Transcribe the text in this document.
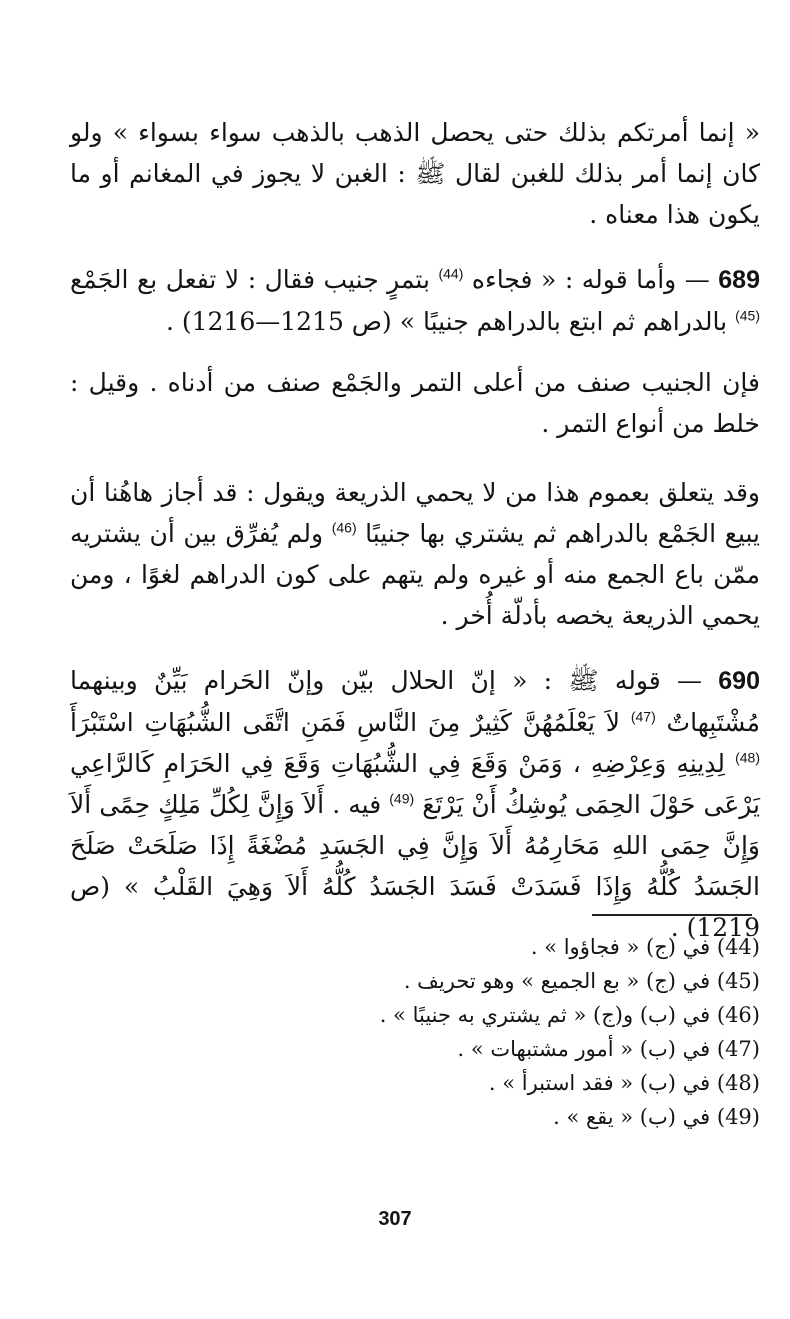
« إنما أمرتكم بذلك حتى يحصل الذهب بالذهب سواء بسواء » ولو كان إنما أمر بذلك للغبن لقال ﷺ : الغبن لا يجوز في المغانم أو ما يكون هذا معناه .

689 — وأما قوله : « فجاءه $^{(44)}$ بتمرٍ جنيب فقال : لا تفعل بع الجَمْع $^{(45)}$ بالدراهم ثم ابتع بالدراهم جنيبًا » (ص 1215—1216) .

فإن الجنيب صنف من أعلى التمر والجَمْع صنف من أدناه . وقيل : خلط من أنواع التمر .

وقد يتعلق بعموم هذا من لا يحمي الذريعة ويقول : قد أجاز هاهُنا أن يبيع الجَمْع بالدراهم ثم يشتري بها جنيبًا $^{(46)}$ ولم يُفرِّق بين أن يشتريه ممّن باع الجمع منه أو غيره ولم يتهم على كون الدراهم لغوًا ، ومن يحمي الذريعة يخصه بأدلّة أُخر .

690 — قوله ﷺ : « إنّ الحلال بيّن وإنّ الحَرام بَيِّنٌ وبينهما مُشْتَبِهاتٌ $^{(47)}$ لاَ يَعْلَمُهُنَّ كَثِيرٌ مِنَ النَّاسِ فَمَنِ اتَّقَى الشُّبُهَاتِ اسْتَبْرَأَ $^{(48)}$ لِدِينِهِ وَعِرْضِهِ ، وَمَنْ وَقَعَ فِي الشُّبُهَاتِ وَقَعَ فِي الحَرَامِ كَالرَّاعِي يَرْعَى حَوْلَ الحِمَى يُوشِكُ أَنْ يَرْتَعَ $^{(49)}$ فيه . أَلاَ وَإِنَّ لِكُلِّ مَلِكٍ حِمًى أَلاَ وَإِنَّ حِمَى اللهِ مَحَارِمُهُ أَلاَ وَإِنَّ فِي الجَسَدِ مُضْغَةً إِذَا صَلَحَتْ صَلَحَ الجَسَدُ كُلُّهُ وَإِذَا فَسَدَتْ فَسَدَ الجَسَدُ كُلُّهُ أَلاَ وَهِيَ القَلْبُ » (ص 1219) .

(44) في (ج) « فجاؤوا » .

(45) في (ج) « بع الجميع » وهو تحريف .

(46) في (ب) و(ج) « ثم يشتري به جنيبًا » .

(47) في (ب) « أمور مشتبهات » .

(48) في (ب) « فقد استبرأ » .

(49) في (ب) « يقع » .

307
